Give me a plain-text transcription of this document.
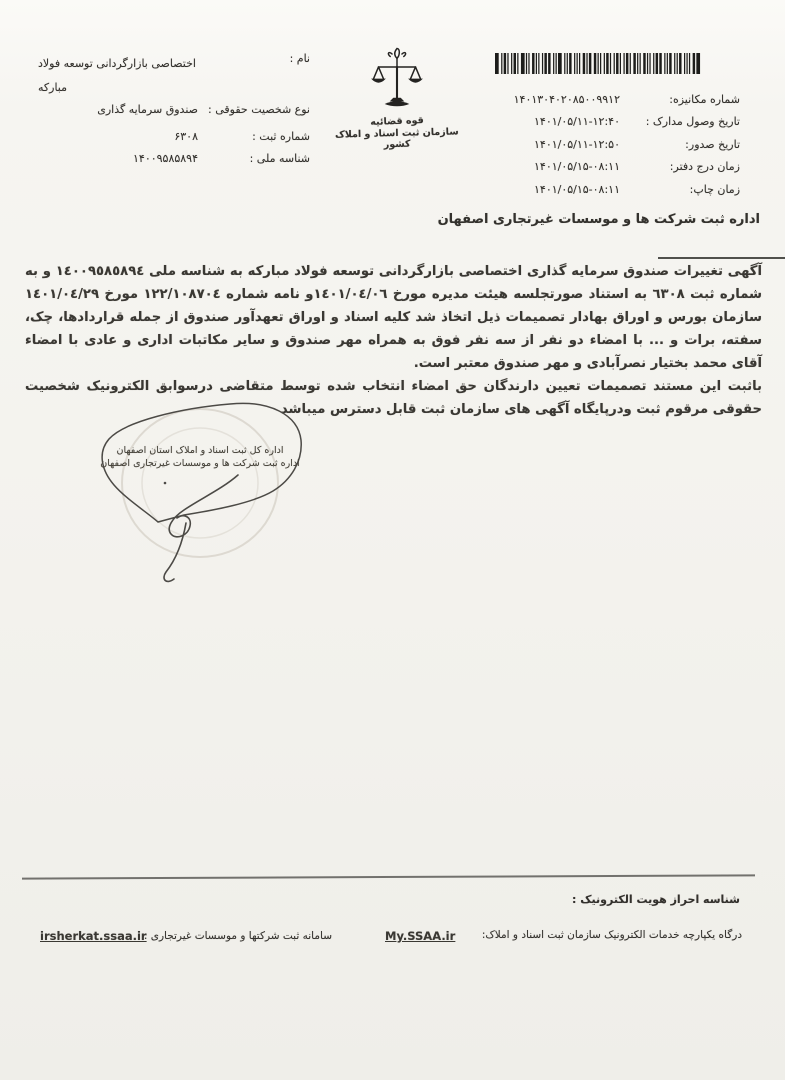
نام :
اختصاصی بازارگردانی توسعه فولاد مبارکه
نوع شخصیت حقوقی :
صندوق سرمایه گذاری
شماره ثبت :
۶۳۰۸
شناسه ملی :
۱۴۰۰۹۵۸۵۸۹۴
قوه قضائیه
سازمان ثبت اسناد و املاک کشور
شماره مکانیزه:
۱۴۰۱۳۰۴۰۲۰۸۵۰۰۹۹۱۲
تاریخ وصول مدارک :
۱۴۰۱/۰۵/۱۱-۱۲:۴۰
تاریخ صدور:
۱۴۰۱/۰۵/۱۱-۱۲:۵۰
زمان درج دفتر:
۱۴۰۱/۰۵/۱۵-۰۸:۱۱
زمان چاپ:
۱۴۰۱/۰۵/۱۵-۰۸:۱۱
اداره ثبت شرکت ها و موسسات غیرتجاری اصفهان

آگهی تغییرات صندوق سرمایه گذاری اختصاصی بازارگردانی توسعه فولاد مبارکه به شناسه ملی ١٤٠٠٩٥٨٥٨٩٤ و به شماره ثبت ٦٣٠٨ به استناد صورتجلسه هیئت مدیره مورخ ١٤٠١/٠٤/٠٦و نامه شماره ١٢٢/١٠٨٧٠٤ مورخ ١٤٠١/٠٤/٢٩ سازمان بورس و اوراق بهادار تصمیمات ذیل اتخاذ شد کلیه اسناد و اوراق تعهدآور صندوق از جمله قراردادها، چک، سفته، برات و ... با امضاء دو نفر از سه نفر فوق به همراه مهر صندوق و سایر مکاتبات اداری و عادی با امضاء آقای محمد بختیار نصرآبادی و مهر صندوق معتبر است.

باثبت این مستند تصمیمات تعیین دارندگان حق امضاء انتخاب شده توسط متقاضی درسوابق الکترونیک شخصیت حقوقی مرقوم ثبت ودرپایگاه آگهی های سازمان ثبت قابل دسترس میباشد

اداره کل ثبت اسناد و املاک استان اصفهان
اداره ثبت شرکت ها و موسسات غیرتجاری اصفهان
شناسه احراز هویت الکترونیک :
درگاه یکپارچه خدمات الکترونیک سازمان ثبت اسناد و املاک:
My.SSAA.ir
سامانه ثبت شرکتها و موسسات غیرتجاری :
irsherkat.ssaa.ir
